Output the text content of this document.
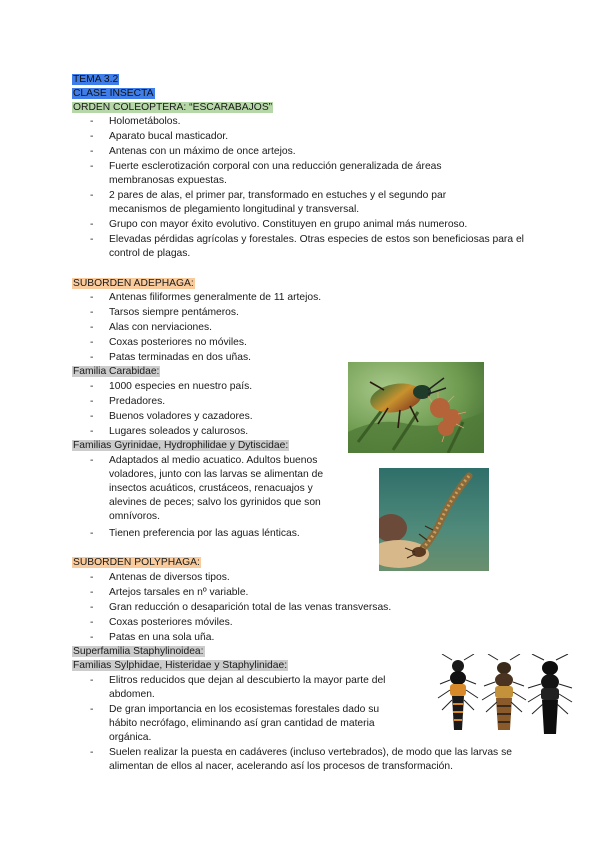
TEMA 3.2
CLASE INSECTA
ORDEN COLEOPTERA: “ESCARABAJOS”
- Holometábolos.
- Aparato bucal masticador.
- Antenas con un máximo de once artejos.
- Fuerte esclerotización corporal con una reducción generalizada de áreas membranosas expuestas.
- 2 pares de alas, el primer par, transformado en estuches y el segundo par mecanismos de plegamiento longitudinal y transversal.
- Grupo con mayor éxito evolutivo. Constituyen en grupo animal más numeroso.
- Elevadas pérdidas agrícolas y forestales. Otras especies de estos son beneficiosas para el control de plagas.
SUBORDEN ADEPHAGA:
- Antenas filiformes generalmente de 11 artejos.
- Tarsos siempre pentámeros.
- Alas con nerviaciones.
- Coxas posteriores no móviles.
- Patas terminadas en dos uñas.
Familia Carabidae:
- 1000 especies en nuestro país.
- Predadores.
- Buenos voladores y cazadores.
- Lugares soleados y calurosos.
Familias Gyrinidae, Hydrophilidae y Dytiscidae:
- Adaptados al medio acuatico. Adultos buenos voladores, junto con las larvas se alimentan de insectos acuáticos, crustáceos, renacuajos y alevines de peces; salvo los gyrinidos que son omnívoros.
- Tienen preferencia por las aguas lénticas.
SUBORDEN POLYPHAGA:
- Antenas de diversos tipos.
- Artejos tarsales en nº variable.
- Gran reducción o desaparición total de las venas transversas.
- Coxas posteriores móviles.
- Patas en una sola uña.
Superfamilia Staphylinoidea:
Familias Sylphidae, Histeridae y Staphylinidae:
- Elitros reducidos que dejan al descubierto la mayor parte del abdomen.
- De gran importancia en los ecosistemas forestales dado su hábito necrófago, eliminando así gran cantidad de materia orgánica.
- Suelen realizar la puesta en cadáveres (incluso vertebrados), de modo que las larvas se alimentan de ellos al nacer, acelerando así los procesos de transformación.
